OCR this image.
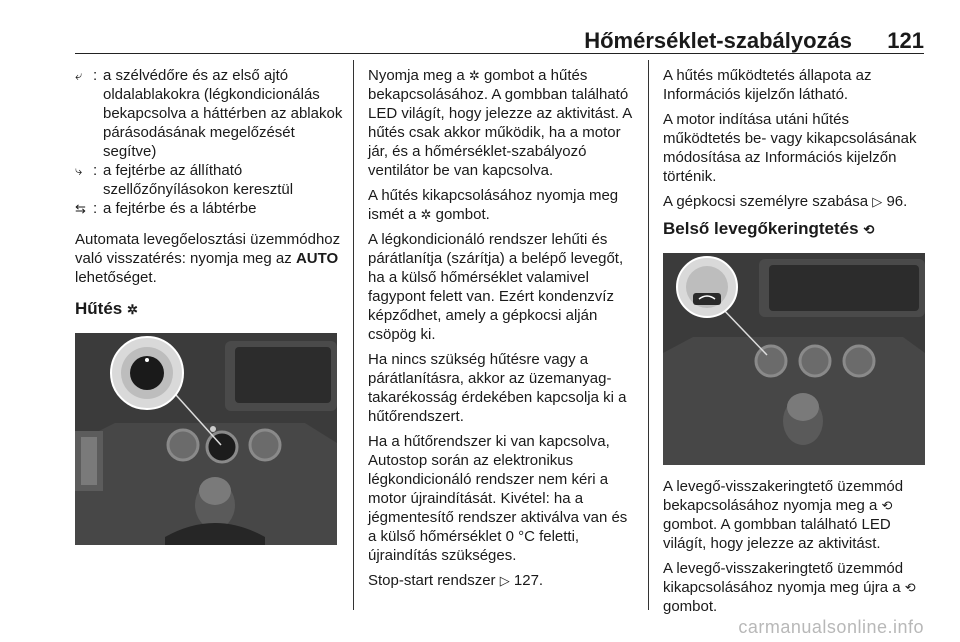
Hőmérséklet-szabályozás 121
⤶ : a szélvédőre és az első ajtó oldalablakokra (légkondicionálás bekapcsolva a háttérben az ablakok párásodásának megelőzését segítve)
⤷ : a fejtérbe az állítható szellőzőnyílásokon keresztül
⇆ : a fejtérbe és a lábtérbe

Automata levegőelosztási üzemmódhoz való visszatérés: nyomja meg az AUTO lehetőséget.

Hűtés ✲

Nyomja meg a ✲ gombot a hűtés bekapcsolásához. A gombban található LED világít, hogy jelezze az aktivitást. A hűtés csak akkor működik, ha a motor jár, és a hőmérséklet-szabályozó ventilátor be van kapcsolva.

A hűtés kikapcsolásához nyomja meg ismét a ✲ gombot.

A légkondicionáló rendszer lehűti és párátlanítja (szárítja) a belépő levegőt, ha a külső hőmérséklet valamivel fagypont felett van. Ezért kondenzvíz képződhet, amely a gépkocsi alján csöpög ki.

Ha nincs szükség hűtésre vagy a párátlanításra, akkor az üzemanyag-takarékosság érdekében kapcsolja ki a hűtőrendszert.

Ha a hűtőrendszer ki van kapcsolva, Autostop során az elektronikus légkondicionáló rendszer nem kéri a motor újraindítását. Kivétel: ha a jégmentesítő rendszer aktiválva van és a külső hőmérséklet 0 °C feletti, újraindítás szükséges.

Stop-start rendszer ▷ 127.

A hűtés működtetés állapota az Információs kijelzőn látható.

A motor indítása utáni hűtés működtetés be- vagy kikapcsolásának módosítása az Információs kijelzőn történik.

A gépkocsi személyre szabása ▷ 96.

Belső levegőkeringtetés ⟲

A levegő-visszakeringtető üzemmód bekapcsolásához nyomja meg a ⟲ gombot. A gombban található LED világít, hogy jelezze az aktivitást.

A levegő-visszakeringtető üzemmód kikapcsolásához nyomja meg újra a ⟲ gombot.

carmanualsonline.info
